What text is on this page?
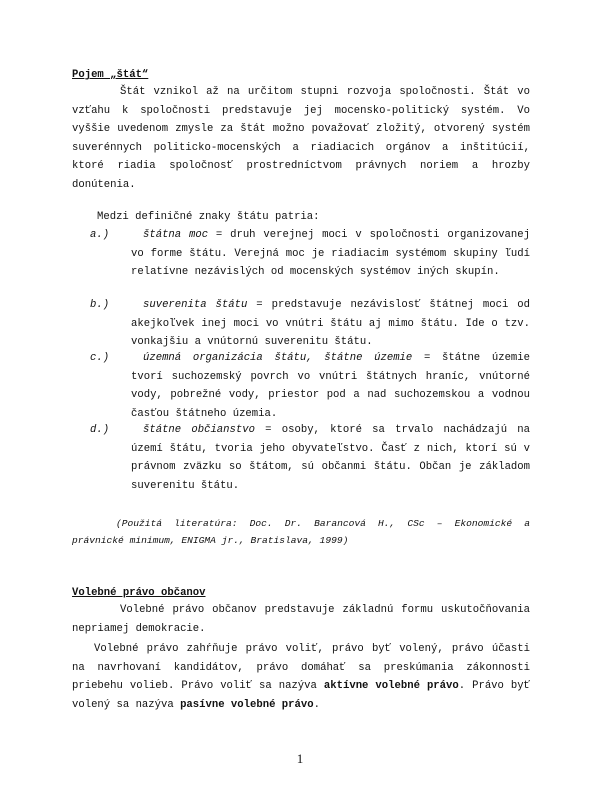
Pojem „štát“
Štát vznikol až na určitom stupni rozvoja spoločnosti. Štát vo vzťahu k spoločnosti predstavuje jej mocensko-politický systém. Vo vyššie uvedenom zmysle za štát možno považovať zložitý, otvorený systém suverénnych politicko-mocenských a riadiacich orgánov a inštitúcií, ktoré riadia spoločnosť prostredníctvom právnych noriem a hrozby donútenia.
Medzi definičné znaky štátu patria:
a.)	štátna moc = druh verejnej moci v spoločnosti organizovanej vo forme štátu. Verejná moc je riadiacim systémom skupiny ľudí relatívne nezávislých od mocenských systémov iných skupín.
b.)	suverenita štátu = predstavuje nezávislosť štátnej moci od akejkoľvek inej moci vo vnútri štátu aj mimo štátu. Ide o tzv. vonkajšiu a vnútornú suverenitu štátu.
c.)	územná organizácia štátu, štátne územie = štátne územie tvorí suchozemský povrch vo vnútri štátnych hraníc, vnútorné vody, pobrežné vody, priestor pod a nad suchozemskou a vodnou časťou štátneho územia.
d.)	štátne občianstvo = osoby, ktoré sa trvalo nachádzajú na území štátu, tvoria jeho obyvateľstvo. Časť z nich, ktorí sú v právnom zväzku so štátom, sú občanmi štátu. Občan je základom suverenitu štátu.
(Použitá literatúra: Doc. Dr. Barancová H., CSc – Ekonomické a právnické minimum, ENIGMA jr., Bratislava, 1999)
Volebné právo občanov
Volebné právo občanov predstavuje základnú formu uskutočňovania nepriamej demokracie.
Volebné právo zahŕňuje právo voliť, právo byť volený, právo účasti na navrhovaní kandidátov, právo domáhať sa preskúmania zákonnosti priebehu volieb. Právo voliť sa nazýva aktívne volebné právo. Právo byť volený sa nazýva pasívne volebné právo.
1
